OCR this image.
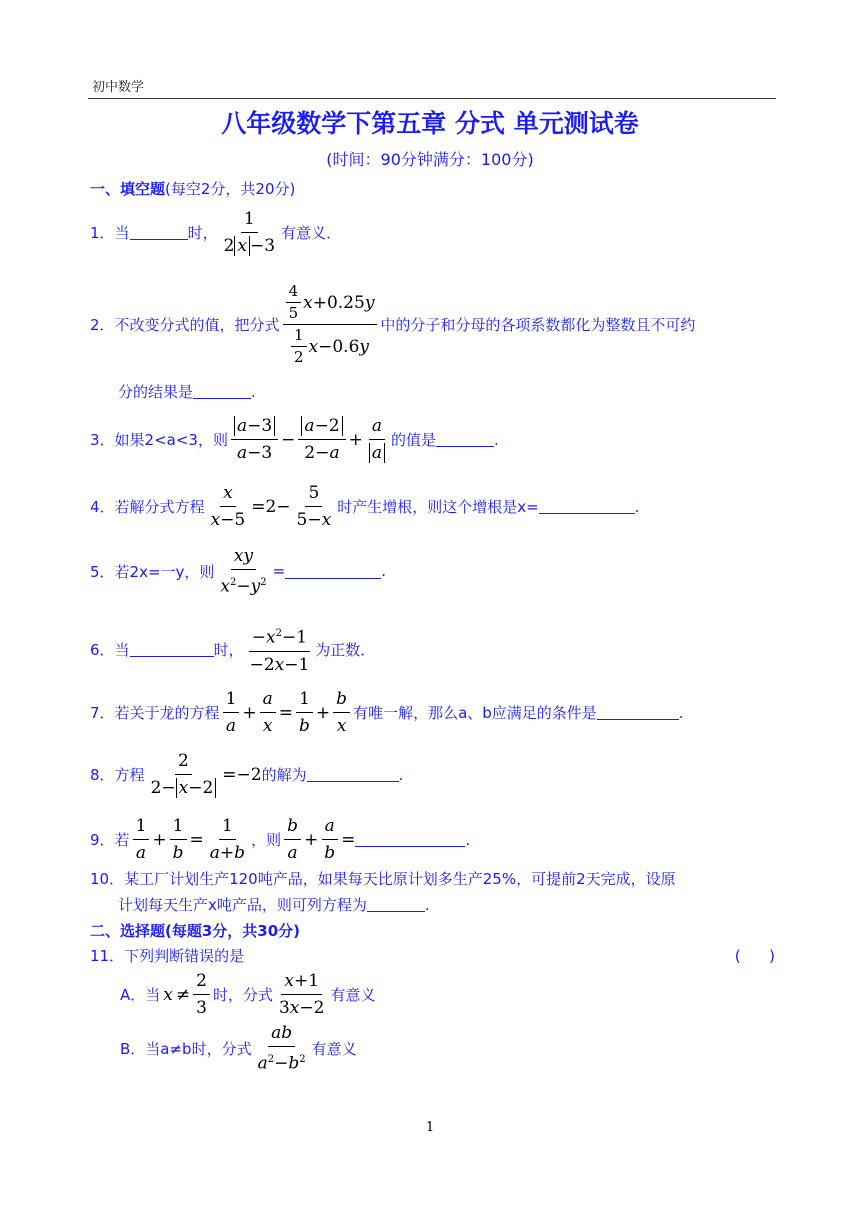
初中数学
八年级数学下第五章 分式 单元测试卷
(时间：90分钟满分：100分)
一、填空题(每空2分，共20分)
1． 当	时， $\frac{1}{2 x -3}$ 有意义．
2． 不改变分式的值，把分式 $\frac{\frac{4}{5} x +0.25 y}{\frac{1}{2} x -0.6 y}$ 中的分子和分母的各项系数都化为整数且不可约
分的结果是	.
3． 如果2<a<3，则 $\frac{a-3}{a-3} - \frac{a-2}{2-a} + \frac{a}{a}$ 的值是	.
4． 若解分式方程 $\frac{x}{x-5} =2- \frac{5}{5-x}$ 时产生增根，则这个增根是x=	.
5． 若2x=一y，则 $\frac{xy}{x^2-y^2}$ =	.
6． 当	时， $\frac{-x^2-1}{-2x-1}$ 为正数．
7． 若关于龙的方程 $\frac{1}{a} + \frac{a}{x} = \frac{1}{b} + \frac{b}{x}$ 有唯一解，那么a、b应满足的条件是	.
8． 方程 $\frac{2}{2- x-2} =-2$ 的解为	.
9． 若 $\frac{1}{a} + \frac{1}{b} = \frac{1}{a+b}$ ，则 $\frac{b}{a} + \frac{a}{b}$ =	.
10． 某工厂计划生产120吨产品，如果每天比原计划多生产25%，可提前2天完成，设原
计划每天生产x吨产品，则可列方程为	.
二、选择题(每题3分，共30分)
11． 下列判断错误的是	(      )
A．当 $x \ne \frac{2}{3}$ 时，分式 $\frac{x+1}{3x-2}$ 有意义
B．当a≠b时，分式 $\frac{ab}{a^2-b^2}$ 有意义
1
